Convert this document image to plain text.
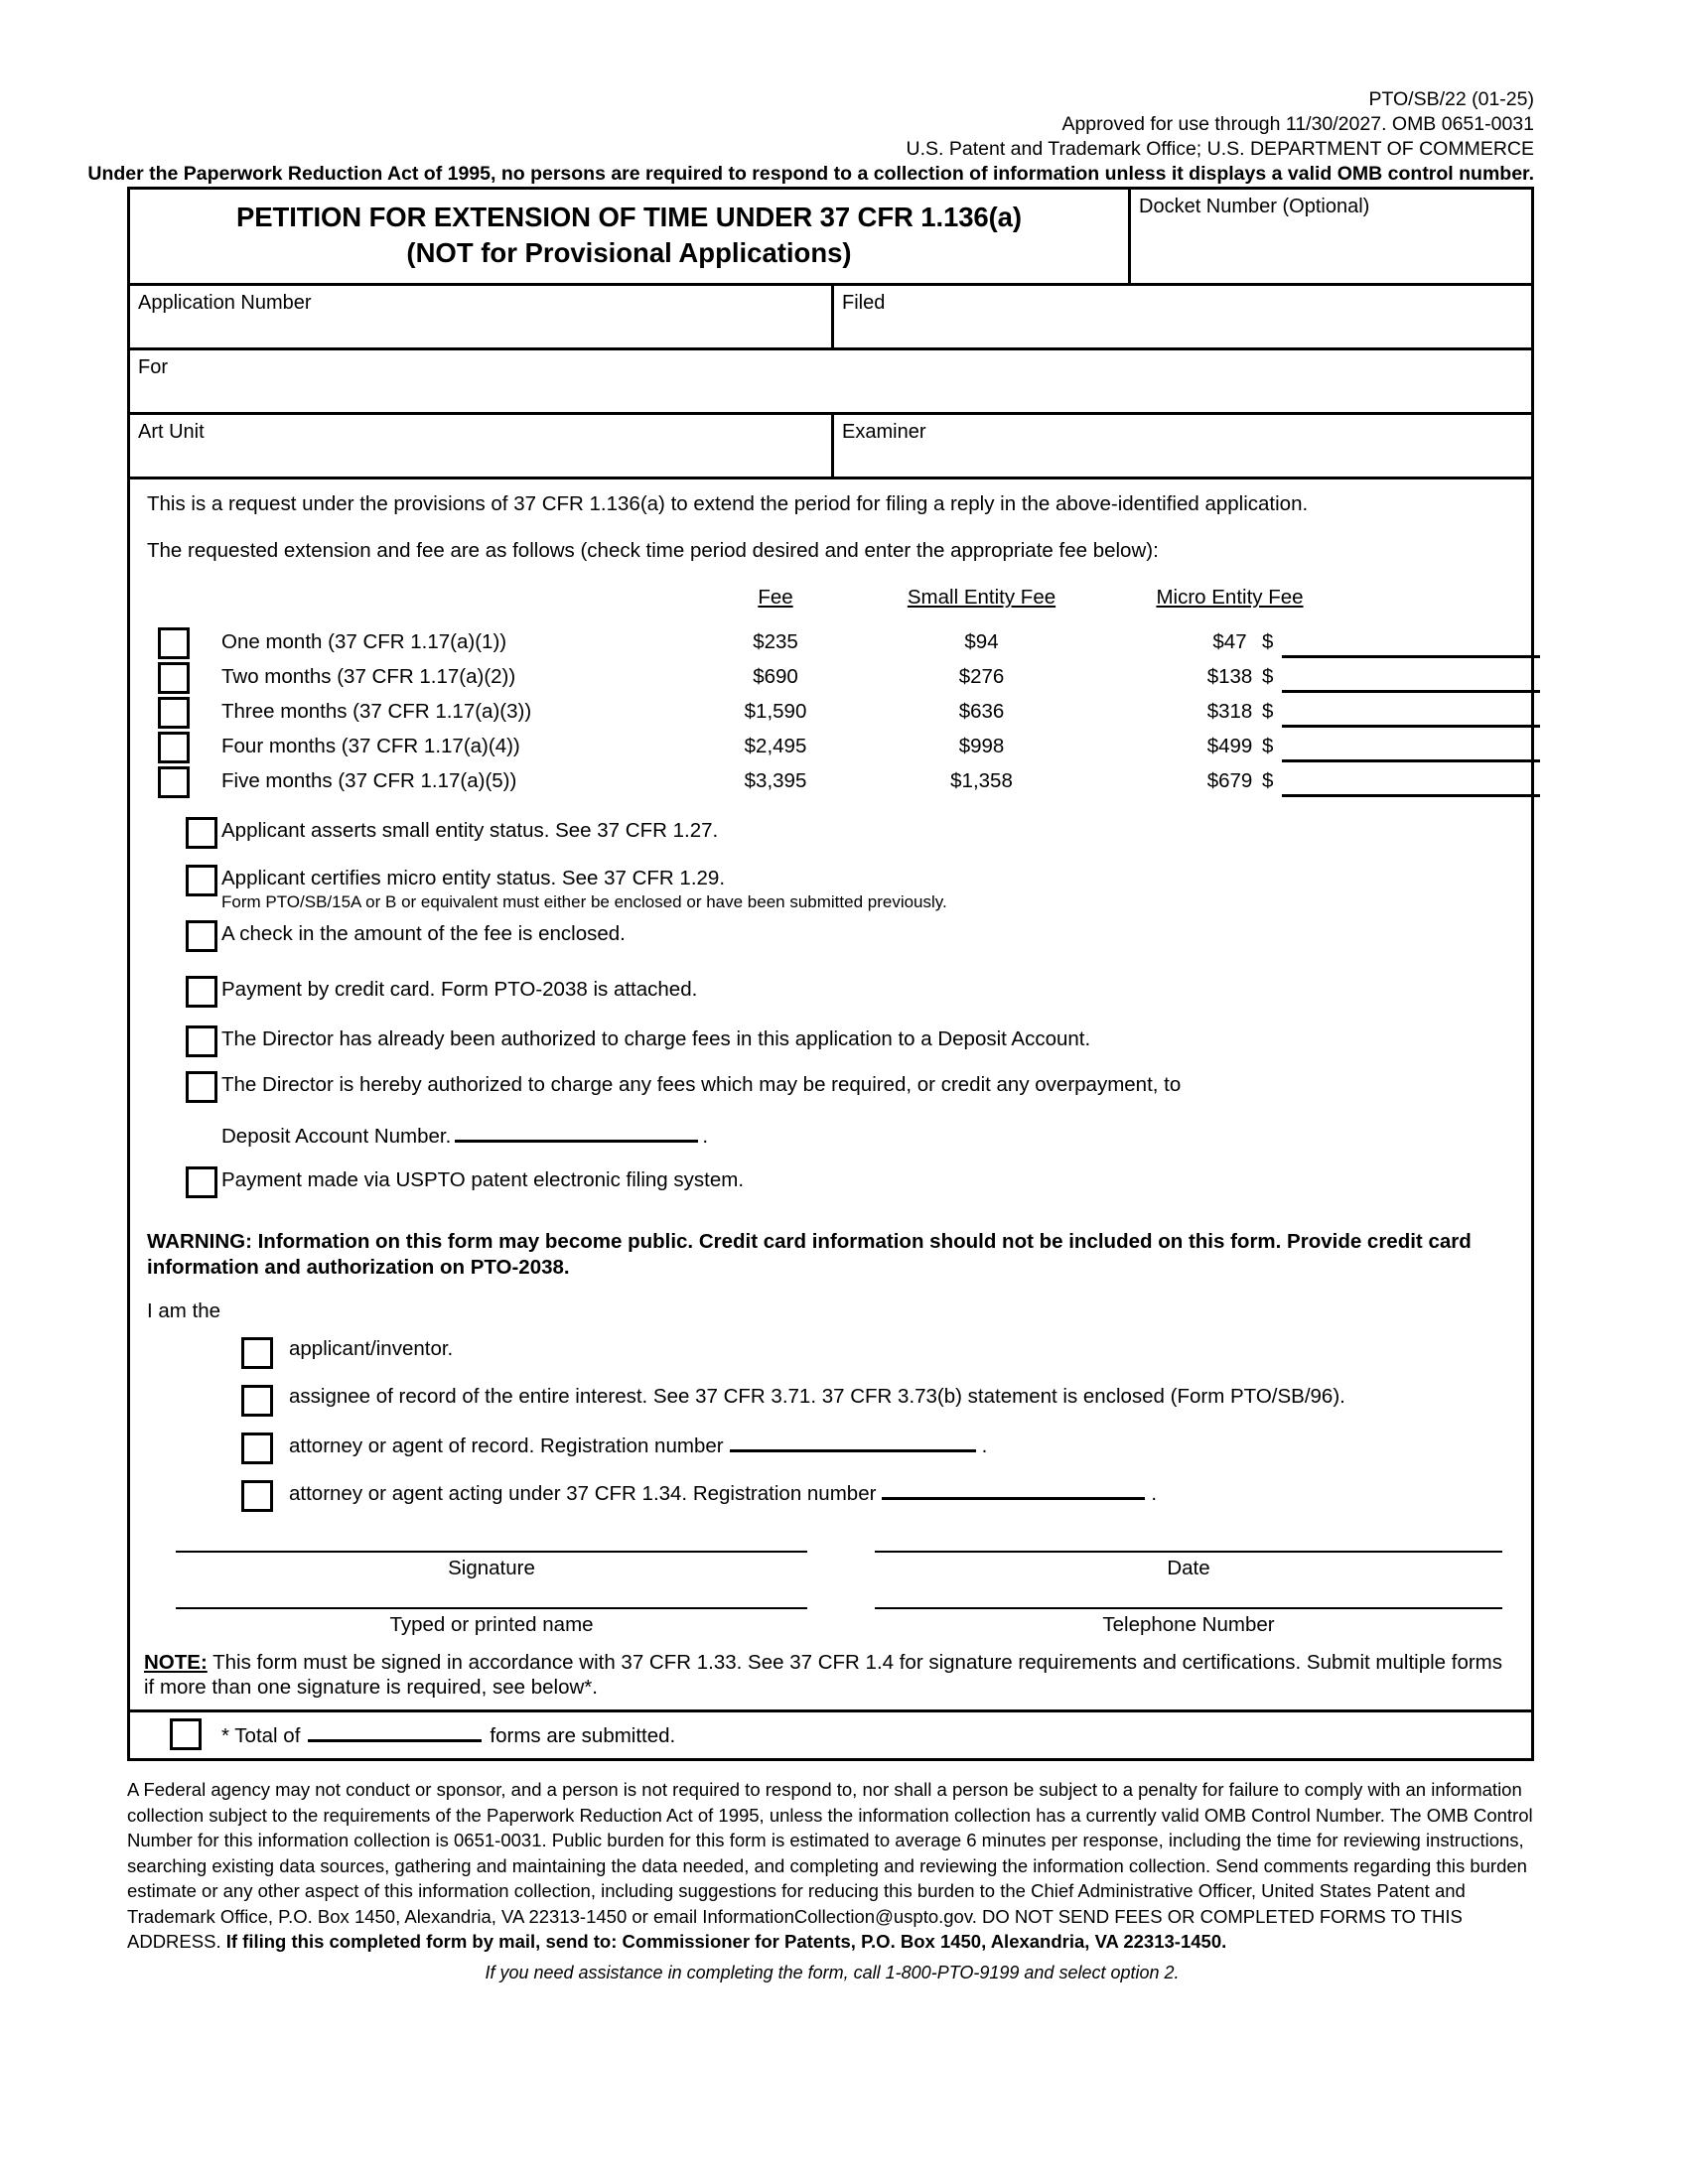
PTO/SB/22 (01-25)
Approved for use through 11/30/2027. OMB 0651-0031
U.S. Patent and Trademark Office; U.S. DEPARTMENT OF COMMERCE
Under the Paperwork Reduction Act of 1995, no persons are required to respond to a collection of information unless it displays a valid OMB control number.
PETITION FOR EXTENSION OF TIME UNDER 37 CFR 1.136(a)
(NOT for Provisional Applications)
Docket Number (Optional)
Application Number	Filed
For
Art Unit	Examiner
This is a request under the provisions of 37 CFR 1.136(a) to extend the period for filing a reply in the above-identified application.
The requested extension and fee are as follows (check time period desired and enter the appropriate fee below):
Fee	Small Entity Fee	Micro Entity Fee
One month (37 CFR 1.17(a)(1))	$235	$94	$47 $
Two months (37 CFR 1.17(a)(2))	$690	$276	$138 $
Three months (37 CFR 1.17(a)(3))	$1,590	$636	$318 $
Four months (37 CFR 1.17(a)(4))	$2,495	$998	$499 $
Five months (37 CFR 1.17(a)(5))	$3,395	$1,358	$679 $
Applicant asserts small entity status. See 37 CFR 1.27.
Applicant certifies micro entity status. See 37 CFR 1.29.
Form PTO/SB/15A or B or equivalent must either be enclosed or have been submitted previously.
A check in the amount of the fee is enclosed.
Payment by credit card. Form PTO-2038 is attached.
The Director has already been authorized to charge fees in this application to a Deposit Account.
The Director is hereby authorized to charge any fees which may be required, or credit any overpayment, to
Deposit Account Number.	.
Payment made via USPTO patent electronic filing system.
WARNING: Information on this form may become public. Credit card information should not be included on this form. Provide credit card information and authorization on PTO-2038.
I am the
applicant/inventor.
assignee of record of the entire interest. See 37 CFR 3.71. 37 CFR 3.73(b) statement is enclosed (Form PTO/SB/96).
attorney or agent of record. Registration number	.
attorney or agent acting under 37 CFR 1.34. Registration number	.
Signature	Date
Typed or printed name	Telephone Number
NOTE: This form must be signed in accordance with 37 CFR 1.33. See 37 CFR 1.4 for signature requirements and certifications. Submit multiple forms if more than one signature is required, see below*.
* Total of	forms are submitted.

A Federal agency may not conduct or sponsor, and a person is not required to respond to, nor shall a person be subject to a penalty for failure to comply with an information collection subject to the requirements of the Paperwork Reduction Act of 1995, unless the information collection has a currently valid OMB Control Number. The OMB Control Number for this information collection is 0651-0031. Public burden for this form is estimated to average 6 minutes per response, including the time for reviewing instructions, searching existing data sources, gathering and maintaining the data needed, and completing and reviewing the information collection. Send comments regarding this burden estimate or any other aspect of this information collection, including suggestions for reducing this burden to the Chief Administrative Officer, United States Patent and Trademark Office, P.O. Box 1450, Alexandria, VA 22313-1450 or email InformationCollection@uspto.gov. DO NOT SEND FEES OR COMPLETED FORMS TO THIS ADDRESS. If filing this completed form by mail, send to: Commissioner for Patents, P.O. Box 1450, Alexandria, VA 22313-1450.

If you need assistance in completing the form, call 1-800-PTO-9199 and select option 2.
